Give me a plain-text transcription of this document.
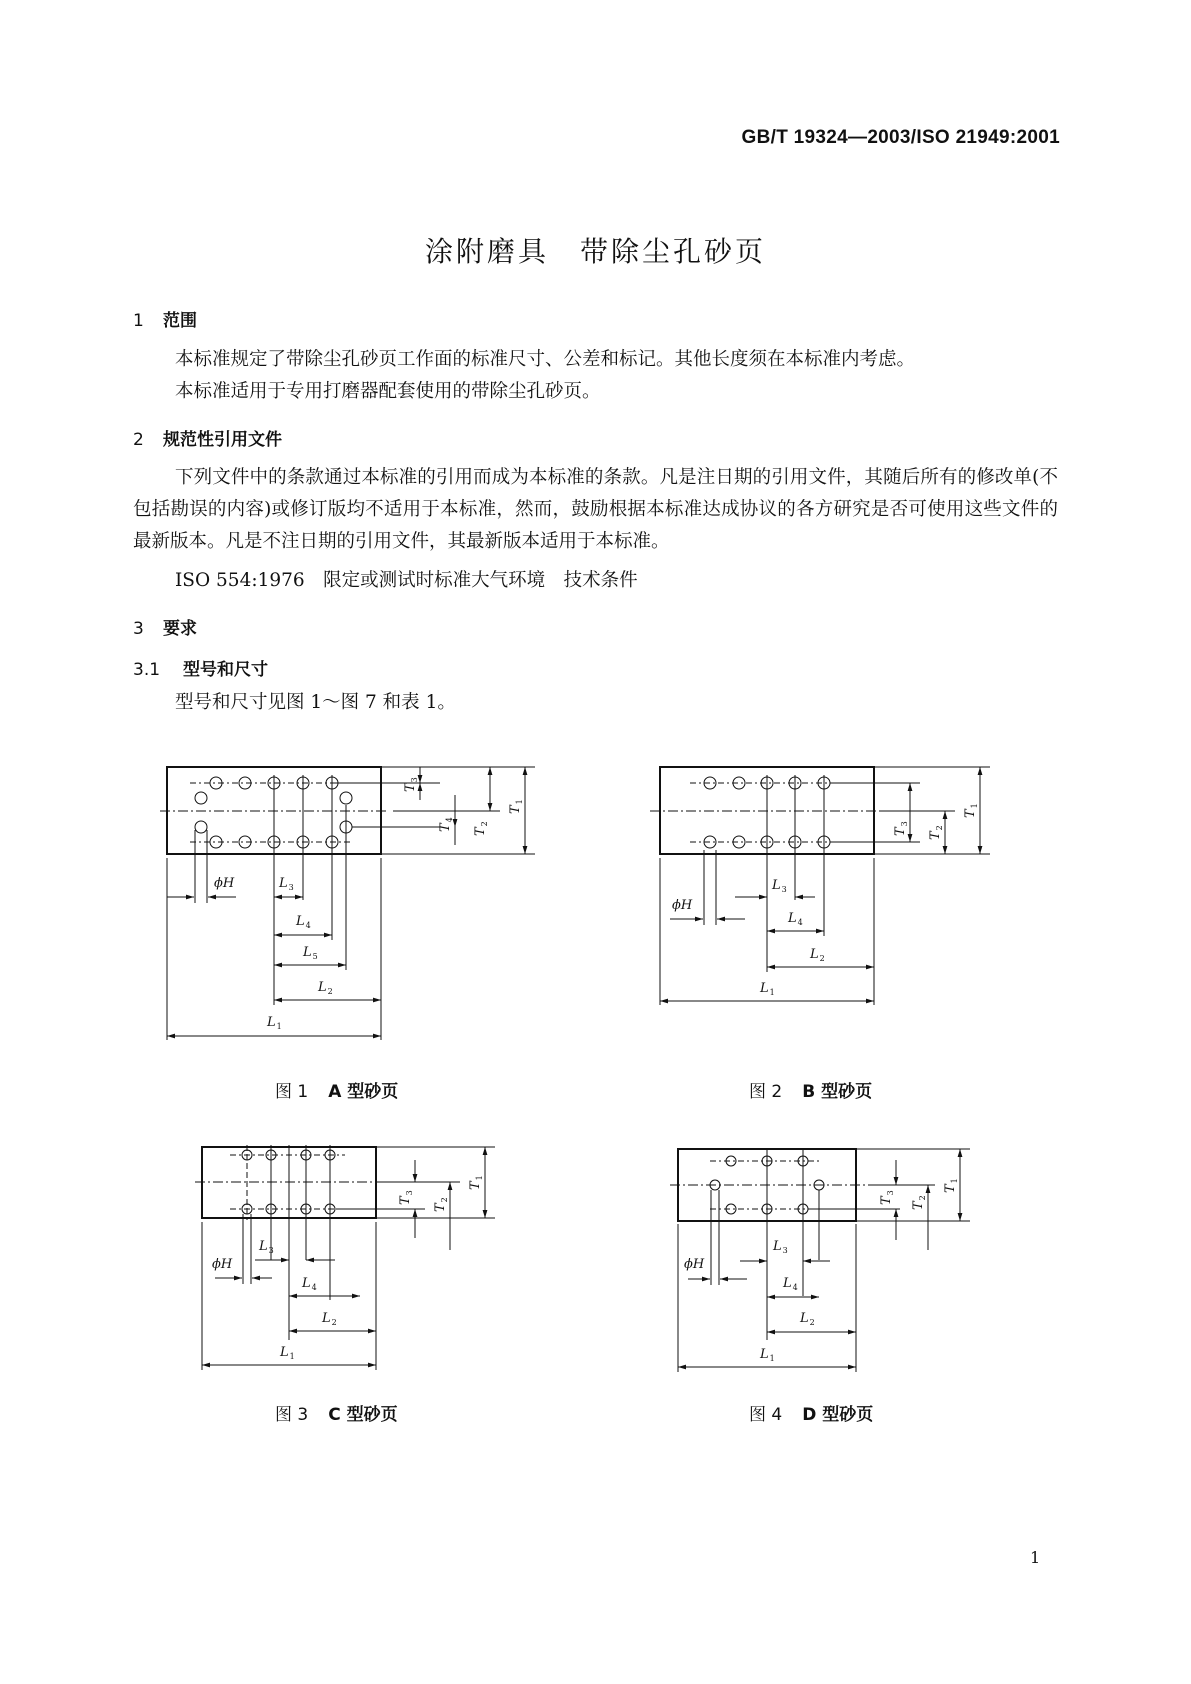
GB/T 19324—2003/ISO 21949:2001
涂附磨具　带除尘孔砂页
1 范围
本标准规定了带除尘孔砂页工作面的标准尺寸、公差和标记。其他长度须在本标准内考虑。
本标准适用于专用打磨器配套使用的带除尘孔砂页。
2 规范性引用文件
下列文件中的条款通过本标准的引用而成为本标准的条款。凡是注日期的引用文件，其随后所有的修改单(不包括勘误的内容)或修订版均不适用于本标准，然而，鼓励根据本标准达成协议的各方研究是否可使用这些文件的最新版本。凡是不注日期的引用文件，其最新版本适用于本标准。
ISO 554:1976　限定或测试时标准大气环境　技术条件
3 要求
3.1 型号和尺寸
型号和尺寸见图 1～图 7 和表 1。
ϕH	$L_3$
$L_4$
$L_5$
$L_2$
$L_1$
$T_3$
$T_4$
$T_2$
$T_1$
ϕH
$L_3$
$L_4$
$L_2$
$L_1$
$T_3$
$T_2$
$T_1$
ϕH
$L_3$
$L_4$
$L_2$
$L_1$
$T_3$
$T_2$
$T_1$
ϕH
$L_3$
$L_4$
$L_2$
$L_1$
$T_3$
$T_2$
$T_1$
图 1 A 型砂页	图 2 B 型砂页
图 3 C 型砂页	图 4 D 型砂页
1
